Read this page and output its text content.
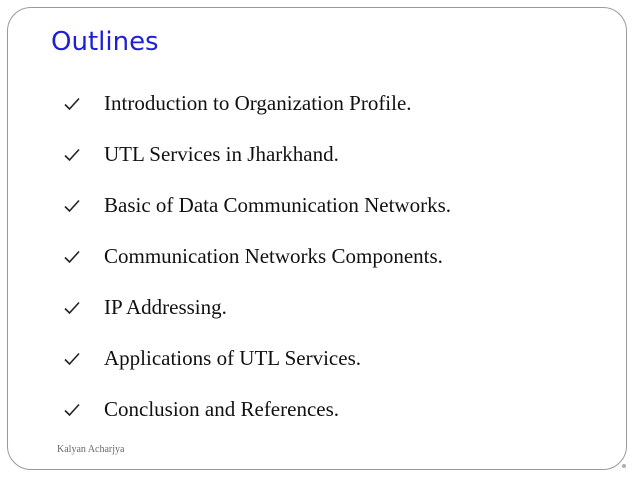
Outlines
Introduction to Organization Profile.
UTL Services in Jharkhand.
Basic of Data Communication Networks.
Communication Networks Components.
IP Addressing.
Applications of UTL Services.
Conclusion and References.
Kalyan Acharjya
